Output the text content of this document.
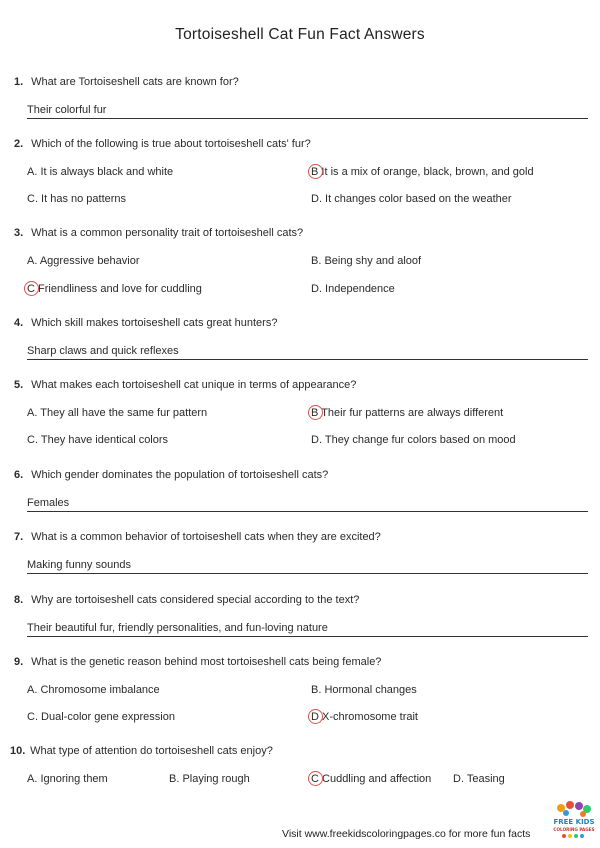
Tortoiseshell Cat Fun Fact Answers
1. What are Tortoiseshell cats are known for?
Their colorful fur
2. Which of the following is true about tortoiseshell cats' fur?
A. It is always black and white	B It is a mix of orange, black, brown, and gold
C. It has no patterns	D. It changes color based on the weather
3. What is a common personality trait of tortoiseshell cats?
A. Aggressive behavior	B. Being shy and aloof
C Friendliness and love for cuddling	D. Independence
4. Which skill makes tortoiseshell cats great hunters?
Sharp claws and quick reflexes
5. What makes each tortoiseshell cat unique in terms of appearance?
A. They all have the same fur pattern	B Their fur patterns are always different
C. They have identical colors	D. They change fur colors based on mood
6. Which gender dominates the population of tortoiseshell cats?
Females
7. What is a common behavior of tortoiseshell cats when they are excited?
Making funny sounds
8. Why are tortoiseshell cats considered special according to the text?
Their beautiful fur, friendly personalities, and fun-loving nature
9. What is the genetic reason behind most tortoiseshell cats being female?
A. Chromosome imbalance	B. Hormonal changes
C. Dual-color gene expression	D X-chromosome trait
10. What type of attention do tortoiseshell cats enjoy?
A. Ignoring them	B. Playing rough	C Cuddling and affection D. Teasing
Visit www.freekidscoloringpages.co for more fun facts
FREE KIDS
COLORING PAGES
